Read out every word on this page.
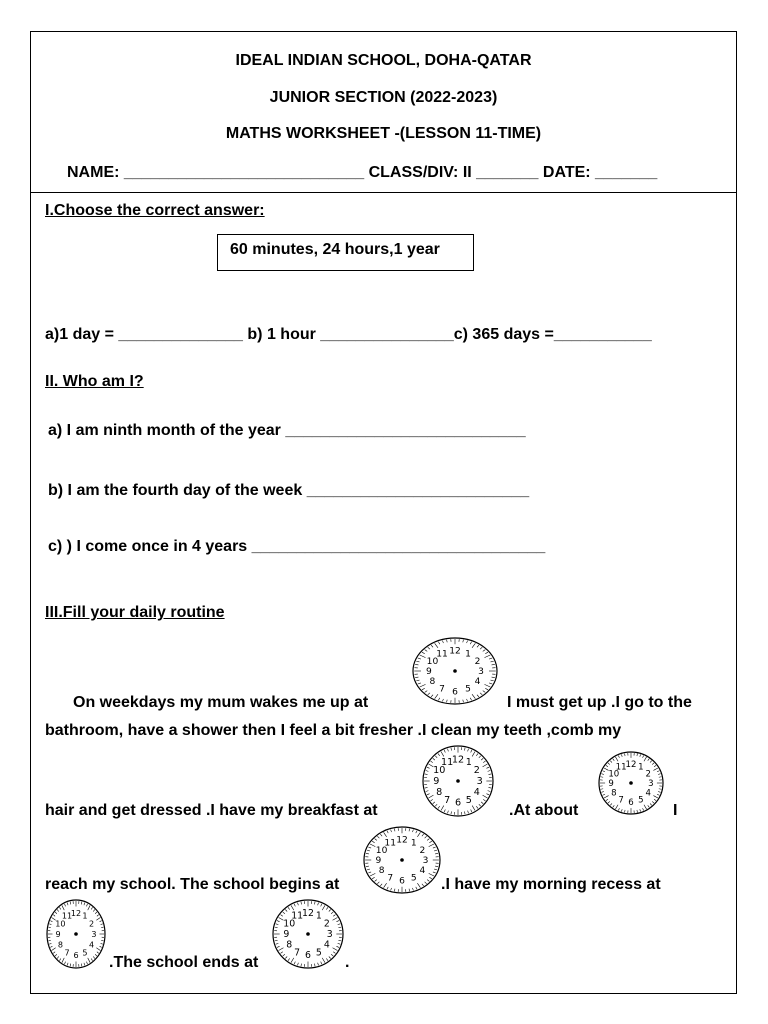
IDEAL INDIAN SCHOOL, DOHA-QATAR
JUNIOR SECTION (2022-2023)
MATHS WORKSHEET -(LESSON 11-TIME)
NAME: ___________________________ CLASS/DIV: II _______ DATE: _______
I.Choose the correct answer:
60 minutes, 24 hours,1 year
a)1 day = ______________ b) 1 hour _______________c) 365 days =___________
II. Who am I?
a) I am ninth month of the year ___________________________
b) I am the fourth day of the week _________________________
c) ) I come once in 4 years _________________________________
III.Fill your daily routine
On weekdays my mum wakes me up at	I must get up .I go to the
bathroom, have a shower then I feel a bit fresher .I clean my teeth ,comb my
hair and get dressed .I have my breakfast at	.At about	I
reach my school. The school begins at	.I have my morning recess at
.The school ends at	.
12 1
2
3
4
5
6
7
8
9
10
11
12 1
2
3
4
5
6
7
8
9
10
11	12 1
2
3
4
5
6
7
8
9
10
11
12 1
2
3
4
5
6
7
8
9
10
11
12 1
2
3
4
5
6
7
8
9
10
11	12 1
2
3
4
5
6
7
8
9
10
11
